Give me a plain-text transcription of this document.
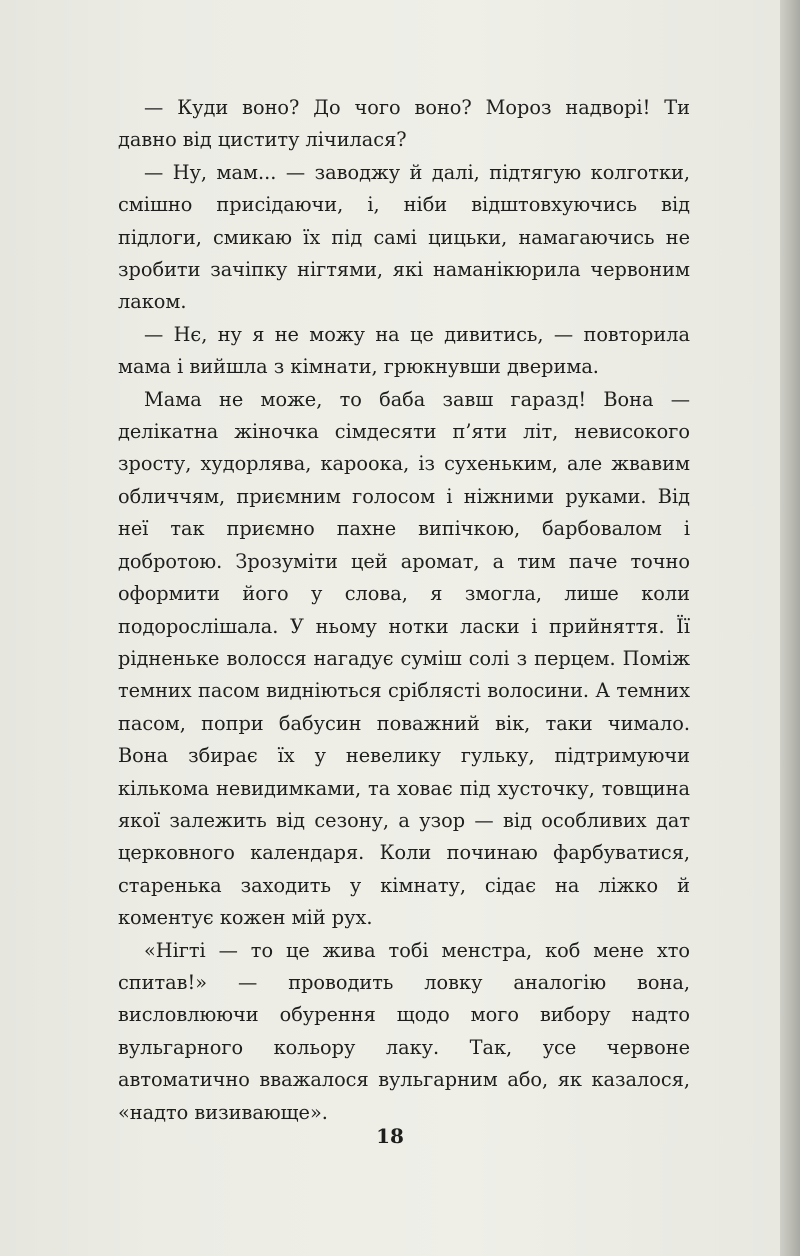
— Куди воно? До чого воно? Мороз надворі! Ти давно від циститу лічилася?

— Ну, мам... — заводжу й далі, підтягую колготки, смішно присідаючи, і, ніби відштовхуючись від підлоги, смикаю їх під самі цицьки, намагаючись не зробити зачіпку нігтями, які наманікюрила червоним лаком.

— Нє, ну я не можу на це дивитись, — повторила мама і вийшла з кімнати, грюкнувши дверима.

Мама не може, то баба завш гаразд! Вона — делікатна жіночка сімдесяти п’яти літ, невисокого зросту, худорлява, кароока, із сухеньким, але жвавим обличчям, приємним голосом і ніжними руками. Від неї так приємно пахне випічкою, барбовалом і добротою. Зрозуміти цей аромат, а тим паче точно оформити його у слова, я змогла, лише коли подорослішала. У ньому нотки ласки і прийняття. Її рідненьке волосся нагадує суміш солі з перцем. Поміж темних пасом видніються сріблясті волосини. А темних пасом, попри бабусин поважний вік, таки чимало. Вона збирає їх у невелику гульку, підтримуючи кількома невидимками, та ховає під хусточку, товщина якої залежить від сезону, а узор — від особливих дат церковного календаря. Коли починаю фарбуватися, старенька заходить у кімнату, сідає на ліжко й коментує кожен мій рух.

«Нігті — то це жива тобі менстра, коб мене хто спитав!» — проводить ловку аналогію вона, висловлюючи обурення щодо мого вибору надто вульгарного кольору лаку. Так, усе червоне автоматично вважалося вульгарним або, як казалося, «надто визивающе».

18
